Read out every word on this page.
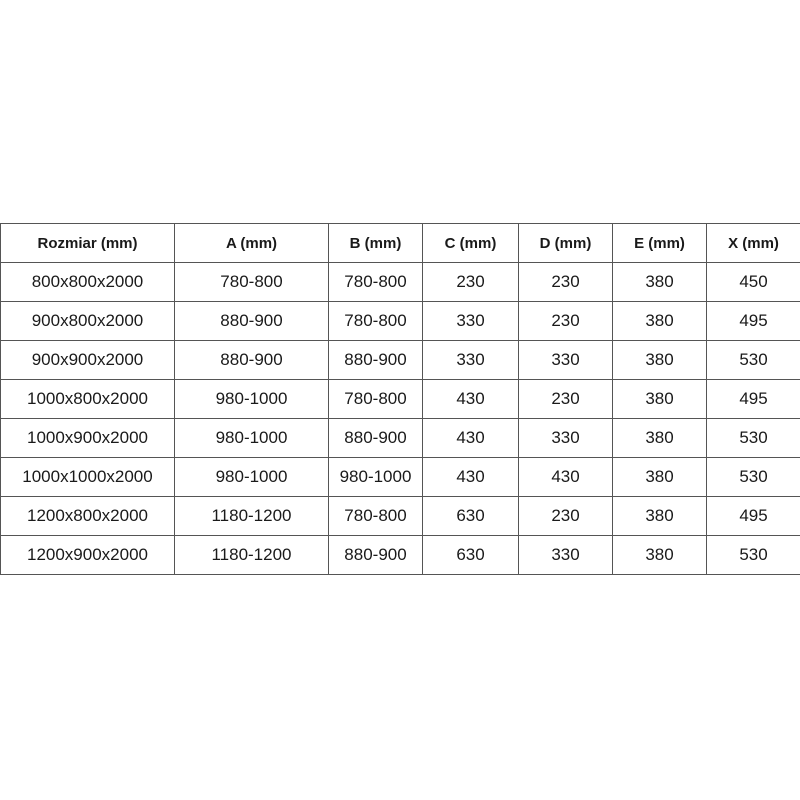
Rozmiar (mm)	A (mm)	B (mm)	C (mm)	D (mm)	E (mm)	X (mm)
800x800x2000	780-800	780-800	230	230	380	450
900x800x2000	880-900	780-800	330	230	380	495
900x900x2000	880-900	880-900	330	330	380	530
1000x800x2000	980-1000	780-800	430	230	380	495
1000x900x2000	980-1000	880-900	430	330	380	530
1000x1000x2000	980-1000	980-1000	430	430	380	530
1200x800x2000	1180-1200	780-800	630	230	380	495
1200x900x2000	1180-1200	880-900	630	330	380	530
